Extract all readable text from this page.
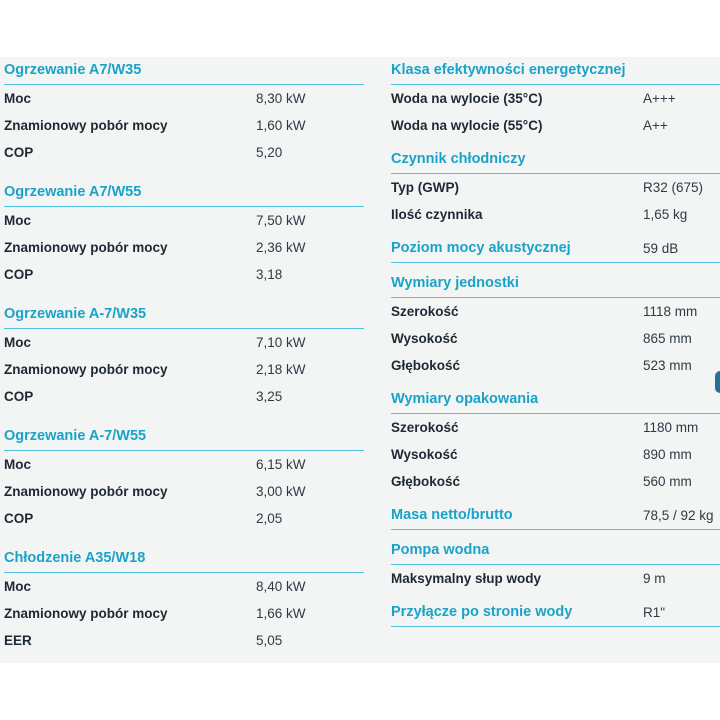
Ogrzewanie A7/W35
Moc	8,30 kW
Znamionowy pobór mocy	1,60 kW
COP	5,20
Ogrzewanie A7/W55
Moc	7,50 kW
Znamionowy pobór mocy	2,36 kW
COP	3,18
Ogrzewanie A-7/W35
Moc	7,10 kW
Znamionowy pobór mocy	2,18 kW
COP	3,25
Ogrzewanie A-7/W55
Moc	6,15 kW
Znamionowy pobór mocy	3,00 kW
COP	2,05
Chłodzenie A35/W18
Moc	8,40 kW
Znamionowy pobór mocy	1,66 kW
EER	5,05
Klasa efektywności energetycznej
Woda na wylocie (35°C)	A+++
Woda na wylocie (55°C)	A++
Czynnik chłodniczy
Typ (GWP)	R32 (675)
Ilość czynnika	1,65 kg
Poziom mocy akustycznej	59 dB
Wymiary jednostki
Szerokość	1118 mm
Wysokość	865 mm
Głębokość	523 mm
Wymiary opakowania
Szerokość	1180 mm
Wysokość	890 mm
Głębokość	560 mm
Masa netto/brutto	78,5 / 92 kg
Pompa wodna
Maksymalny słup wody	9 m
Przyłącze po stronie wody	R1"
